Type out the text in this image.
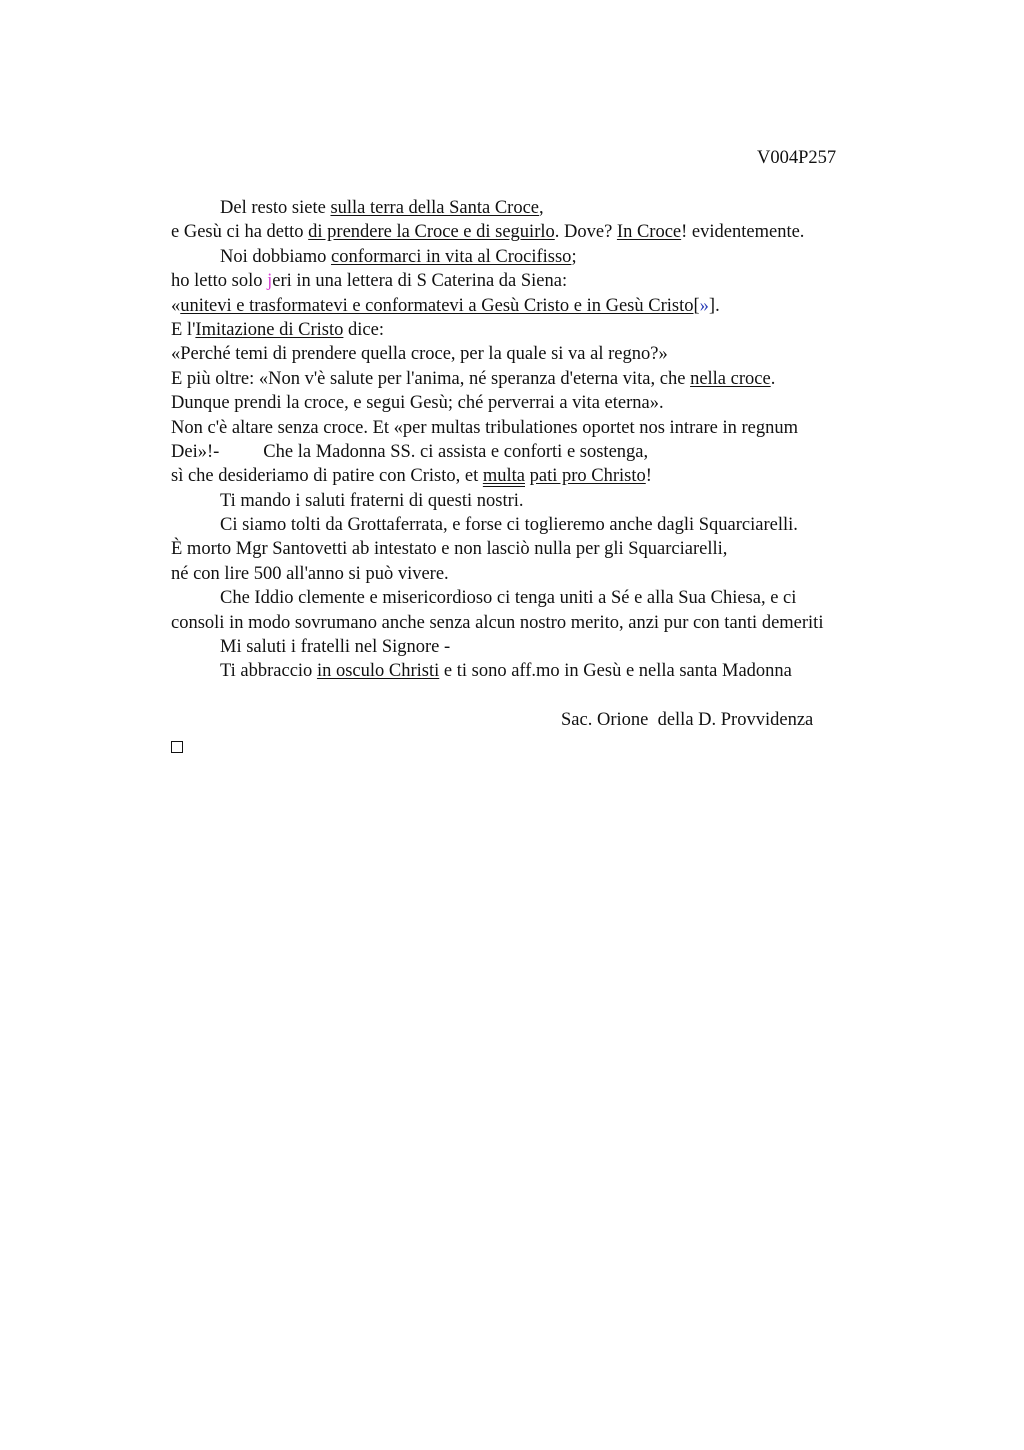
V004P257
Del resto siete sulla terra della Santa Croce,
e Gesù ci ha detto di prendere la Croce e di seguirlo. Dove? In Croce! evidentemente.
Noi dobbiamo conformarci in vita al Crocifisso;
ho letto solo jeri in una lettera di S Caterina da Siena:
«unitevi e trasformatevi e conformatevi a Gesù Cristo e in Gesù Cristo[»].
E l'Imitazione di Cristo dice:
«Perché temi di prendere quella croce, per la quale si va al regno?»
E più oltre: «Non v'è salute per l'anima, né speranza d'eterna vita, che nella croce.
Dunque prendi la croce, e segui Gesù; ché perverrai a vita eterna».
Non c'è altare senza croce. Et «per multas tribulationes oportet nos intrare in regnum
Dei»!- Che la Madonna SS. ci assista e conforti e sostenga,
sì che desideriamo di patire con Cristo, et multa pati pro Christo!
Ti mando i saluti fraterni di questi nostri.
Ci siamo tolti da Grottaferrata, e forse ci toglieremo anche dagli Squarciarelli.
È morto Mgr Santovetti ab intestato e non lasciò nulla per gli Squarciarelli,
né con lire 500 all'anno si può vivere.
Che Iddio clemente e misericordioso ci tenga uniti a Sé e alla Sua Chiesa, e ci
consoli in modo sovrumano anche senza alcun nostro merito, anzi pur con tanti demeriti
Mi saluti i fratelli nel Signore -
Ti abbraccio in osculo Christi e ti sono aff.mo in Gesù e nella santa Madonna
Sac. Orione  della D. Provvidenza
